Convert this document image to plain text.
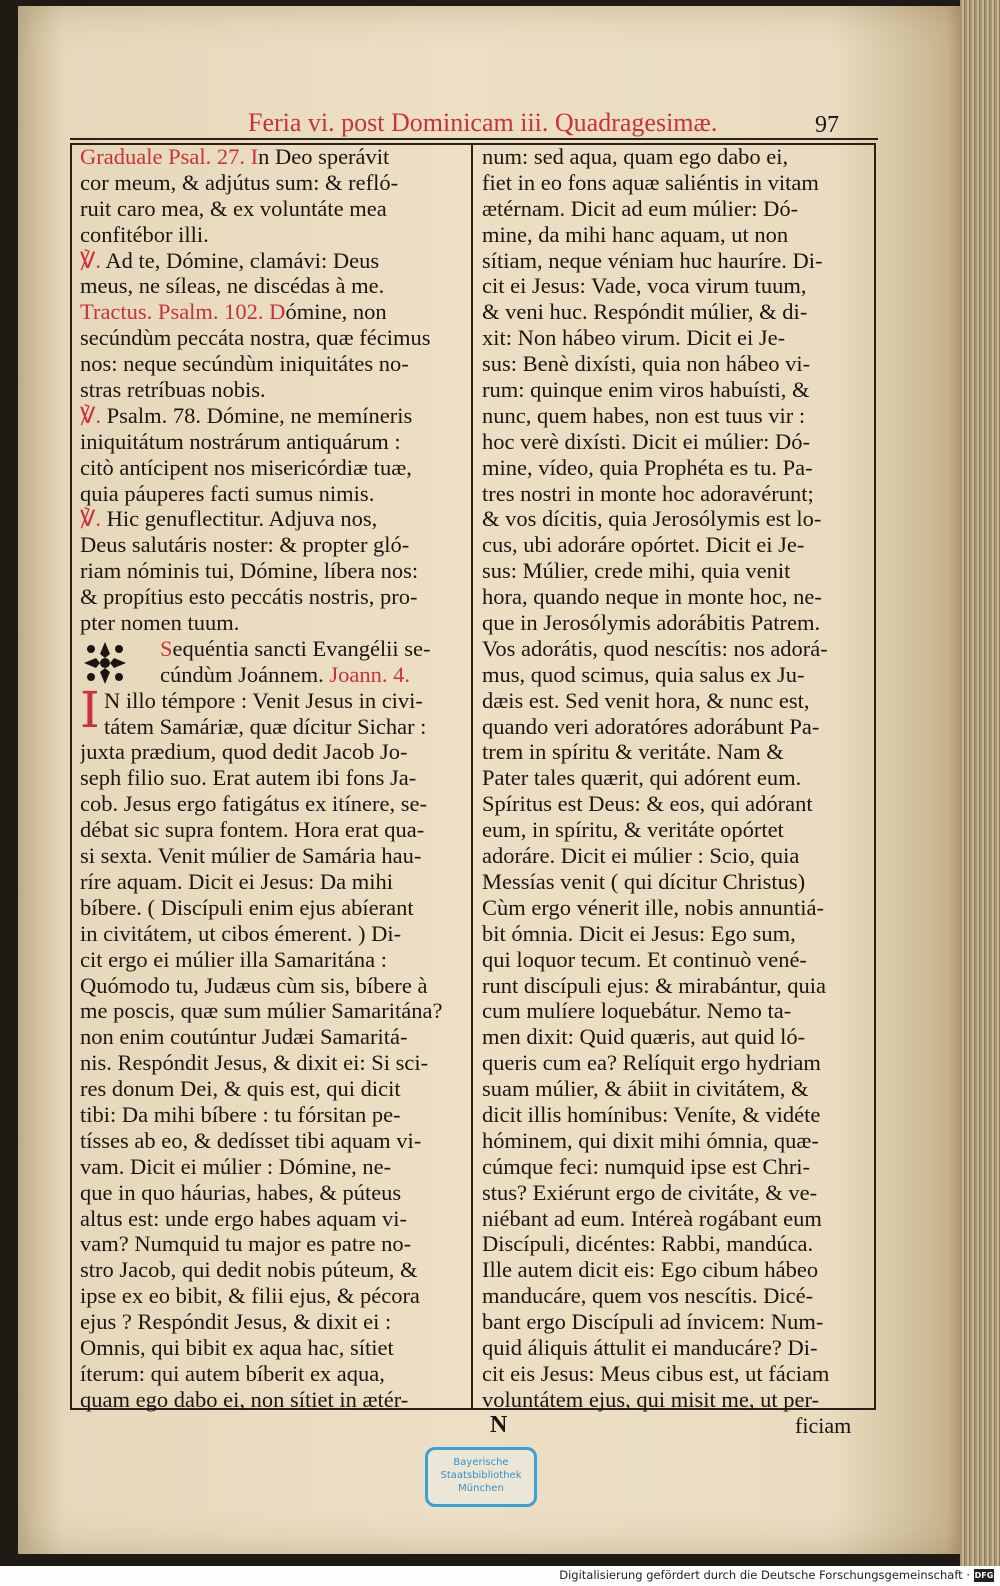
Feria vi. post Dominicam iii. Quadragesimæ.	97
Graduale Psal. 27. In Deo sperávit
cor meum, & adjútus sum: & refló-
ruit caro mea, & ex voluntáte mea
confitébor illi.
℣. Ad te, Dómine, clamávi: Deus
meus, ne síleas, ne discédas à me.
Tractus. Psalm. 102. Dómine, non
secúndùm peccáta nostra, quæ fécimus
nos: neque secúndùm iniquitátes no-
stras retríbuas nobis.
℣. Psalm. 78. Dómine, ne memíneris
iniquitátum nostrárum antiquárum :
citò antícipent nos misericórdiæ tuæ,
quia páuperes facti sumus nimis.
℣. Hic genuflectitur. Adjuva nos,
Deus salutáris noster: & propter gló-
riam nóminis tui, Dómine, líbera nos:
& propítius esto peccátis nostris, pro-
pter nomen tuum.
Sequéntia sancti Evangélii se-
cúndùm Joánnem. Joann. 4.
N illo témpore : Venit Jesus in civi-
tátem Samáriæ, quæ dícitur Sichar :
juxta prædium, quod dedit Jacob Jo-
seph filio suo. Erat autem ibi fons Ja-
cob. Jesus ergo fatigátus ex itínere, se-
débat sic supra fontem. Hora erat qua-
si sexta. Venit múlier de Samária hau-
ríre aquam. Dicit ei Jesus: Da mihi
bíbere. ( Discípuli enim ejus abíerant
in civitátem, ut cibos émerent. ) Di-
cit ergo ei múlier illa Samaritána :
Quómodo tu, Judæus cùm sis, bíbere à
me poscis, quæ sum múlier Samaritána?
non enim coutúntur Judæi Samaritá-
nis. Respóndit Jesus, & dixit ei: Si sci-
res donum Dei, & quis est, qui dicit
tibi: Da mihi bíbere : tu fórsitan pe-
tísses ab eo, & dedísset tibi aquam vi-
vam. Dicit ei múlier : Dómine, ne-
que in quo háurias, habes, & púteus
altus est: unde ergo habes aquam vi-
vam? Numquid tu major es patre no-
stro Jacob, qui dedit nobis púteum, &
ipse ex eo bibit, & filii ejus, & pécora
ejus ? Respóndit Jesus, & dixit ei :
Omnis, qui bibit ex aqua hac, sítiet
íterum: qui autem bíberit ex aqua,
quam ego dabo ei, non sítiet in ætér-
num: sed aqua, quam ego dabo ei,
fiet in eo fons aquæ saliéntis in vitam
ætérnam. Dicit ad eum múlier: Dó-
mine, da mihi hanc aquam, ut non
sítiam, neque véniam huc hauríre. Di-
cit ei Jesus: Vade, voca virum tuum,
& veni huc. Respóndit múlier, & di-
xit: Non hábeo virum. Dicit ei Je-
sus: Benè dixísti, quia non hábeo vi-
rum: quinque enim viros habuísti, &
nunc, quem habes, non est tuus vir :
hoc verè dixísti. Dicit ei múlier: Dó-
mine, vídeo, quia Prophéta es tu. Pa-
tres nostri in monte hoc adoravérunt;
& vos dícitis, quia Jerosólymis est lo-
cus, ubi adoráre opórtet. Dicit ei Je-
sus: Múlier, crede mihi, quia venit
hora, quando neque in monte hoc, ne-
que in Jerosólymis adorábitis Patrem.
Vos adorátis, quod nescítis: nos adorá-
mus, quod scimus, quia salus ex Ju-
dæis est. Sed venit hora, & nunc est,
quando veri adoratóres adorábunt Pa-
trem in spíritu & veritáte. Nam &
Pater tales quærit, qui adórent eum.
Spíritus est Deus: & eos, qui adórant
eum, in spíritu, & veritáte opórtet
adoráre. Dicit ei múlier : Scio, quia
Messías venit ( qui dícitur Christus)
Cùm ergo vénerit ille, nobis annuntiá-
bit ómnia. Dicit ei Jesus: Ego sum,
qui loquor tecum. Et continuò vené-
runt discípuli ejus: & mirabántur, quia
cum mulíere loquebátur. Nemo ta-
men dixit: Quid quæris, aut quid ló-
queris cum ea? Relíquit ergo hydriam
suam múlier, & ábiit in civitátem, &
dicit illis homínibus: Veníte, & vidéte
hóminem, qui dixit mihi ómnia, quæ-
cúmque feci: numquid ipse est Chri-
stus? Exiérunt ergo de civitáte, & ve-
niébant ad eum. Intéreà rogábant eum
Discípuli, dicéntes: Rabbi, mandúca.
Ille autem dicit eis: Ego cibum hábeo
manducáre, quem vos nescítis. Dicé-
bant ergo Discípuli ad ínvicem: Num-
quid áliquis áttulit ei manducáre? Di-
cit eis Jesus: Meus cibus est, ut fáciam
voluntátem ejus, qui misit me, ut per-
N	ficiam
Bayerische
Staatsbibliothek
München
Digitalisierung gefördert durch die Deutsche Forschungsgemeinschaft · DFG
I
